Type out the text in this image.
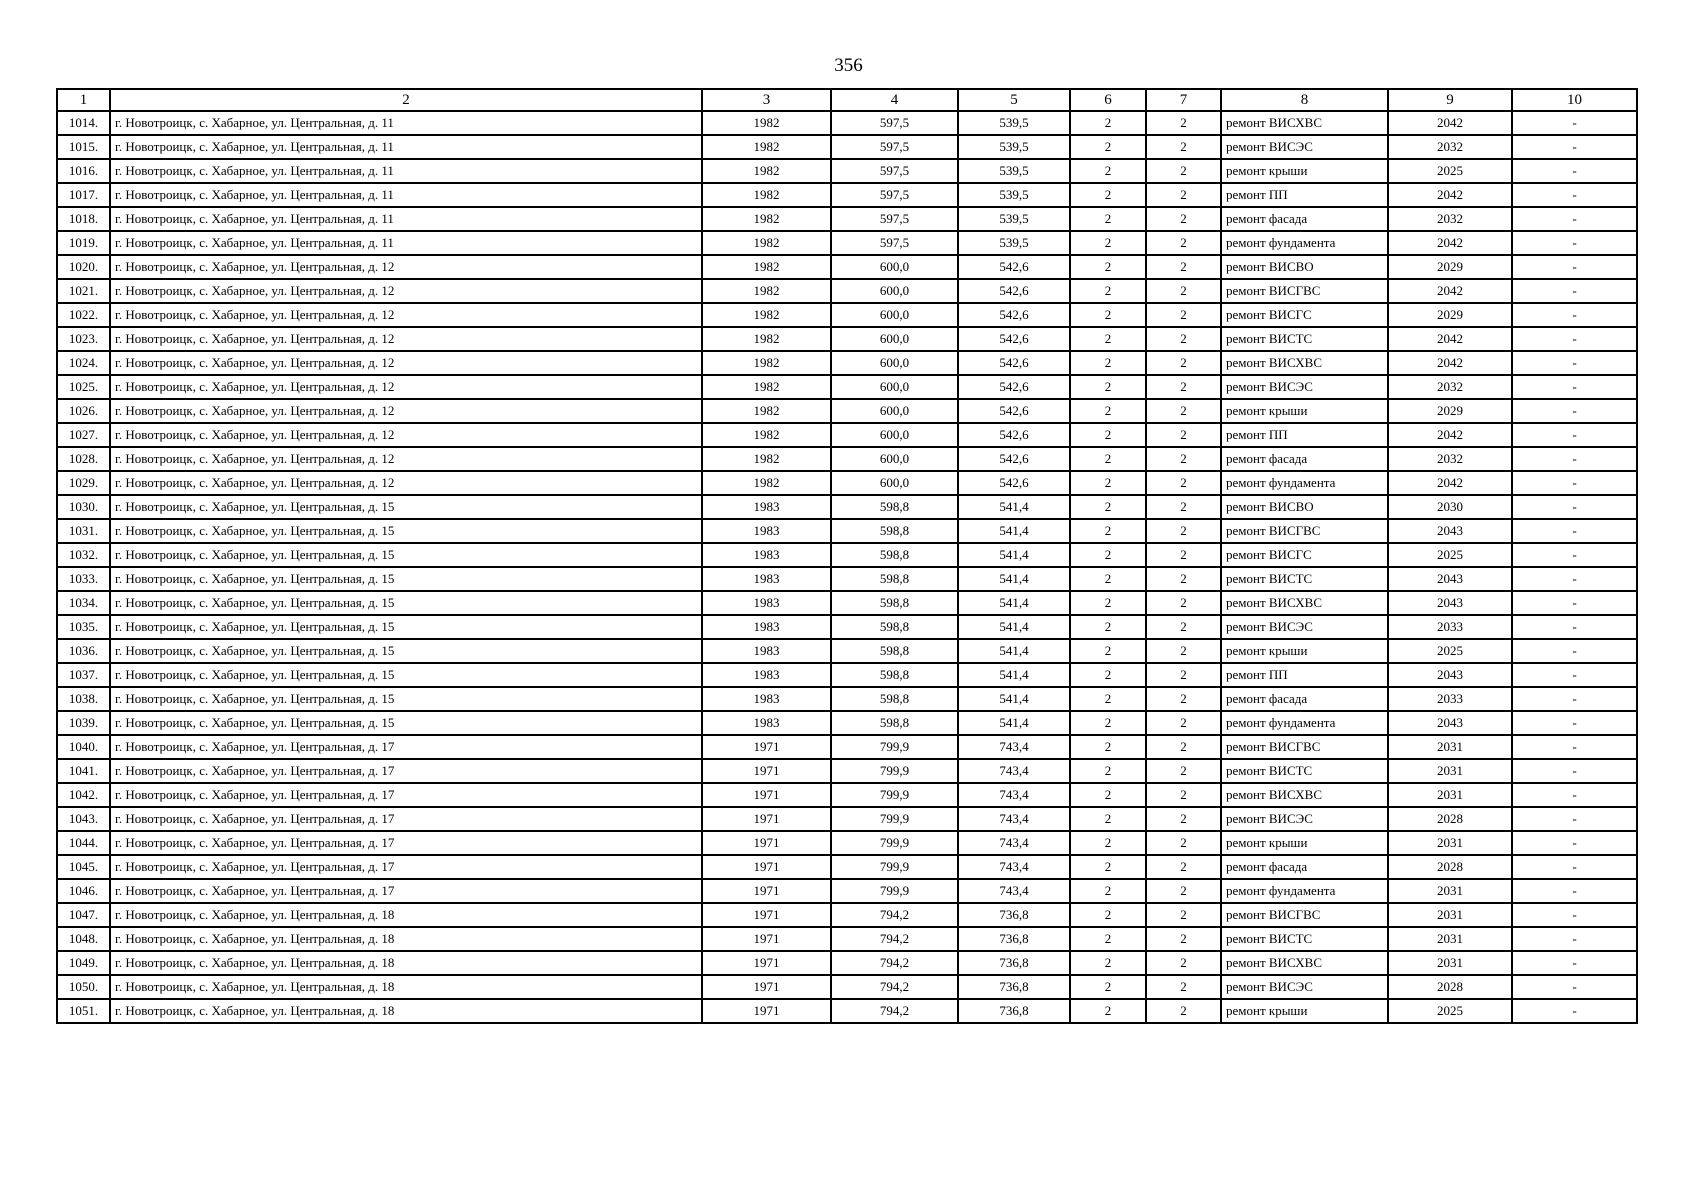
356
1	2	3	4	5	6	7	8	9	10
1014.	г. Новотроицк, с. Хабарное, ул. Центральная, д. 11	1982	597,5	539,5	2	2	ремонт ВИСХВС	2042	-
1015.	г. Новотроицк, с. Хабарное, ул. Центральная, д. 11	1982	597,5	539,5	2	2	ремонт ВИСЭС	2032	-
1016.	г. Новотроицк, с. Хабарное, ул. Центральная, д. 11	1982	597,5	539,5	2	2	ремонт крыши	2025	-
1017.	г. Новотроицк, с. Хабарное, ул. Центральная, д. 11	1982	597,5	539,5	2	2	ремонт ПП	2042	-
1018.	г. Новотроицк, с. Хабарное, ул. Центральная, д. 11	1982	597,5	539,5	2	2	ремонт фасада	2032	-
1019.	г. Новотроицк, с. Хабарное, ул. Центральная, д. 11	1982	597,5	539,5	2	2	ремонт фундамента	2042	-
1020.	г. Новотроицк, с. Хабарное, ул. Центральная, д. 12	1982	600,0	542,6	2	2	ремонт ВИСВО	2029	-
1021.	г. Новотроицк, с. Хабарное, ул. Центральная, д. 12	1982	600,0	542,6	2	2	ремонт ВИСГВС	2042	-
1022.	г. Новотроицк, с. Хабарное, ул. Центральная, д. 12	1982	600,0	542,6	2	2	ремонт ВИСГС	2029	-
1023.	г. Новотроицк, с. Хабарное, ул. Центральная, д. 12	1982	600,0	542,6	2	2	ремонт ВИСТС	2042	-
1024.	г. Новотроицк, с. Хабарное, ул. Центральная, д. 12	1982	600,0	542,6	2	2	ремонт ВИСХВС	2042	-
1025.	г. Новотроицк, с. Хабарное, ул. Центральная, д. 12	1982	600,0	542,6	2	2	ремонт ВИСЭС	2032	-
1026.	г. Новотроицк, с. Хабарное, ул. Центральная, д. 12	1982	600,0	542,6	2	2	ремонт крыши	2029	-
1027.	г. Новотроицк, с. Хабарное, ул. Центральная, д. 12	1982	600,0	542,6	2	2	ремонт ПП	2042	-
1028.	г. Новотроицк, с. Хабарное, ул. Центральная, д. 12	1982	600,0	542,6	2	2	ремонт фасада	2032	-
1029.	г. Новотроицк, с. Хабарное, ул. Центральная, д. 12	1982	600,0	542,6	2	2	ремонт фундамента	2042	-
1030.	г. Новотроицк, с. Хабарное, ул. Центральная, д. 15	1983	598,8	541,4	2	2	ремонт ВИСВО	2030	-
1031.	г. Новотроицк, с. Хабарное, ул. Центральная, д. 15	1983	598,8	541,4	2	2	ремонт ВИСГВС	2043	-
1032.	г. Новотроицк, с. Хабарное, ул. Центральная, д. 15	1983	598,8	541,4	2	2	ремонт ВИСГС	2025	-
1033.	г. Новотроицк, с. Хабарное, ул. Центральная, д. 15	1983	598,8	541,4	2	2	ремонт ВИСТС	2043	-
1034.	г. Новотроицк, с. Хабарное, ул. Центральная, д. 15	1983	598,8	541,4	2	2	ремонт ВИСХВС	2043	-
1035.	г. Новотроицк, с. Хабарное, ул. Центральная, д. 15	1983	598,8	541,4	2	2	ремонт ВИСЭС	2033	-
1036.	г. Новотроицк, с. Хабарное, ул. Центральная, д. 15	1983	598,8	541,4	2	2	ремонт крыши	2025	-
1037.	г. Новотроицк, с. Хабарное, ул. Центральная, д. 15	1983	598,8	541,4	2	2	ремонт ПП	2043	-
1038.	г. Новотроицк, с. Хабарное, ул. Центральная, д. 15	1983	598,8	541,4	2	2	ремонт фасада	2033	-
1039.	г. Новотроицк, с. Хабарное, ул. Центральная, д. 15	1983	598,8	541,4	2	2	ремонт фундамента	2043	-
1040.	г. Новотроицк, с. Хабарное, ул. Центральная, д. 17	1971	799,9	743,4	2	2	ремонт ВИСГВС	2031	-
1041.	г. Новотроицк, с. Хабарное, ул. Центральная, д. 17	1971	799,9	743,4	2	2	ремонт ВИСТС	2031	-
1042.	г. Новотроицк, с. Хабарное, ул. Центральная, д. 17	1971	799,9	743,4	2	2	ремонт ВИСХВС	2031	-
1043.	г. Новотроицк, с. Хабарное, ул. Центральная, д. 17	1971	799,9	743,4	2	2	ремонт ВИСЭС	2028	-
1044.	г. Новотроицк, с. Хабарное, ул. Центральная, д. 17	1971	799,9	743,4	2	2	ремонт крыши	2031	-
1045.	г. Новотроицк, с. Хабарное, ул. Центральная, д. 17	1971	799,9	743,4	2	2	ремонт фасада	2028	-
1046.	г. Новотроицк, с. Хабарное, ул. Центральная, д. 17	1971	799,9	743,4	2	2	ремонт фундамента	2031	-
1047.	г. Новотроицк, с. Хабарное, ул. Центральная, д. 18	1971	794,2	736,8	2	2	ремонт ВИСГВС	2031	-
1048.	г. Новотроицк, с. Хабарное, ул. Центральная, д. 18	1971	794,2	736,8	2	2	ремонт ВИСТС	2031	-
1049.	г. Новотроицк, с. Хабарное, ул. Центральная, д. 18	1971	794,2	736,8	2	2	ремонт ВИСХВС	2031	-
1050.	г. Новотроицк, с. Хабарное, ул. Центральная, д. 18	1971	794,2	736,8	2	2	ремонт ВИСЭС	2028	-
1051.	г. Новотроицк, с. Хабарное, ул. Центральная, д. 18	1971	794,2	736,8	2	2	ремонт крыши	2025	-
